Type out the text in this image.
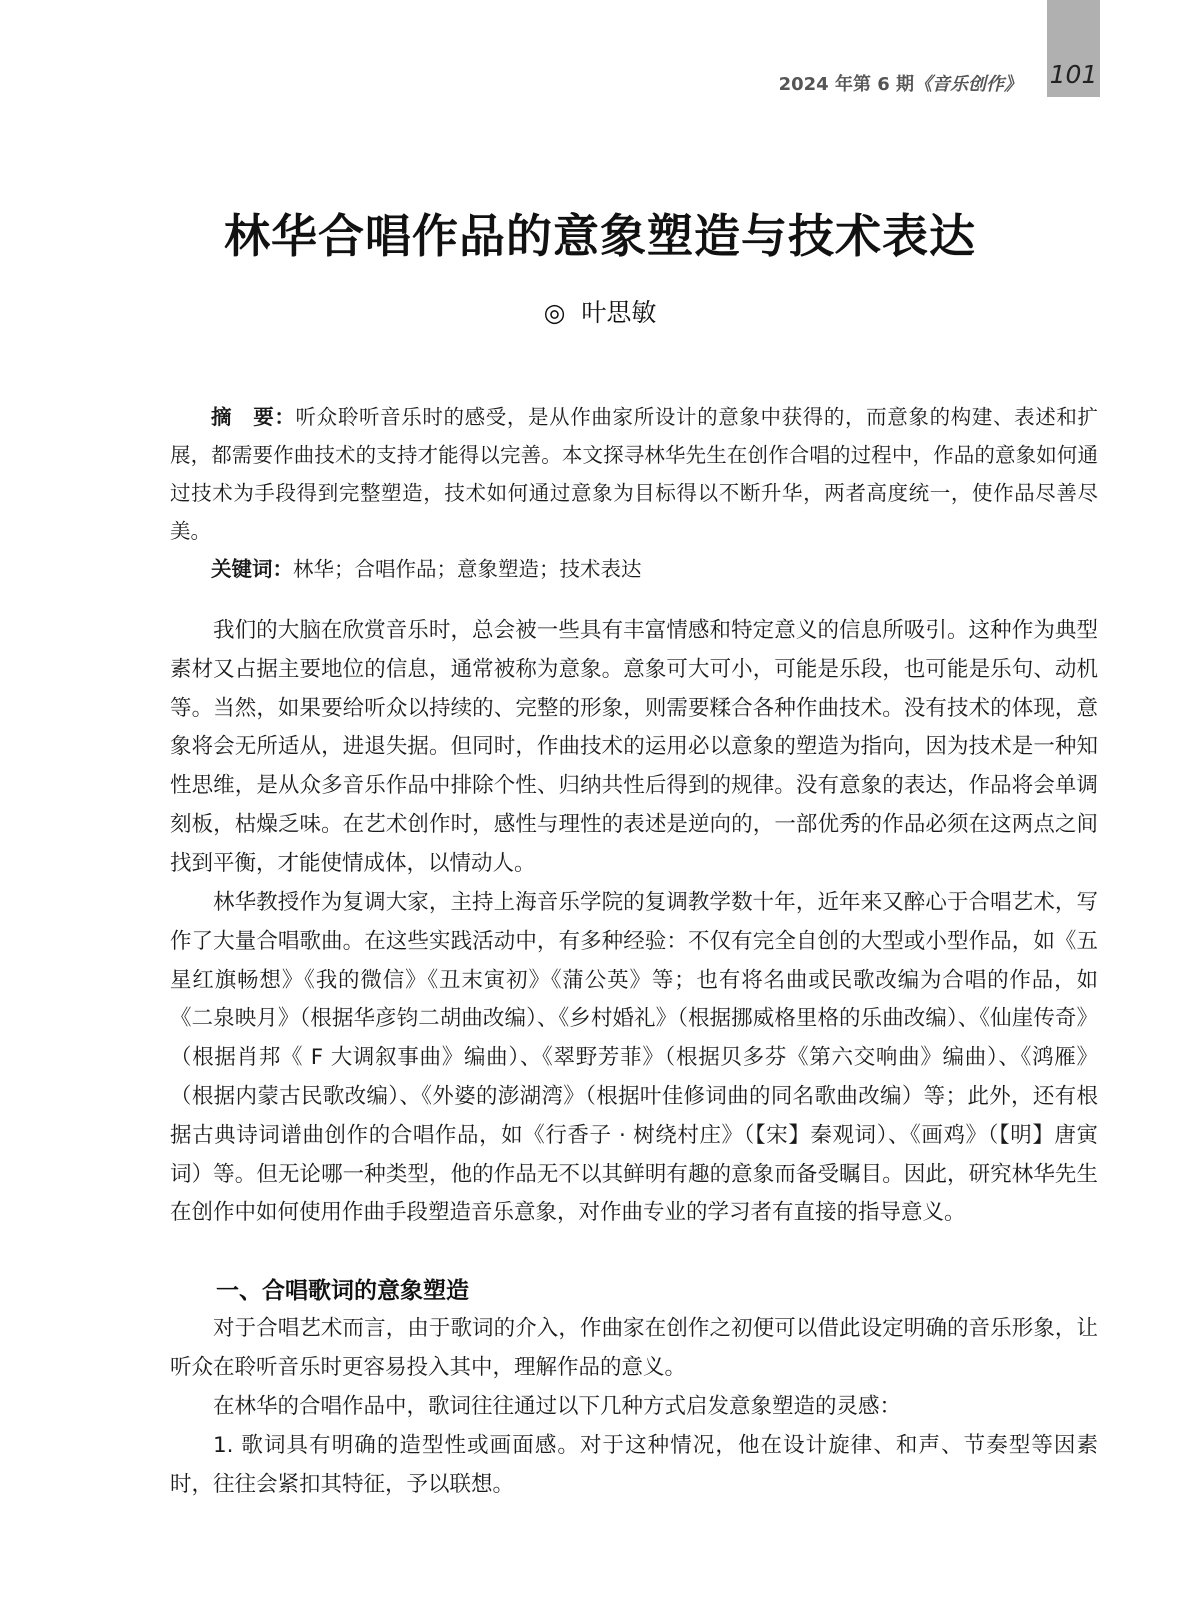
101
2024 年第 6 期《音乐创作》
林华合唱作品的意象塑造与技术表达
◎ 叶思敏

摘　要：听众聆听音乐时的感受，是从作曲家所设计的意象中获得的，而意象的构建、表述和扩展，都需要作曲技术的支持才能得以完善。本文探寻林华先生在创作合唱的过程中，作品的意象如何通过技术为手段得到完整塑造，技术如何通过意象为目标得以不断升华，两者高度统一，使作品尽善尽美。

关键词：林华；合唱作品；意象塑造；技术表达

我们的大脑在欣赏音乐时，总会被一些具有丰富情感和特定意义的信息所吸引。这种作为典型素材又占据主要地位的信息，通常被称为意象。意象可大可小，可能是乐段，也可能是乐句、动机等。当然，如果要给听众以持续的、完整的形象，则需要糅合各种作曲技术。没有技术的体现，意象将会无所适从，进退失据。但同时，作曲技术的运用必以意象的塑造为指向，因为技术是一种知性思维，是从众多音乐作品中排除个性、归纳共性后得到的规律。没有意象的表达，作品将会单调刻板，枯燥乏味。在艺术创作时，感性与理性的表述是逆向的，一部优秀的作品必须在这两点之间找到平衡，才能使情成体，以情动人。

林华教授作为复调大家，主持上海音乐学院的复调教学数十年，近年来又醉心于合唱艺术，写作了大量合唱歌曲。在这些实践活动中，有多种经验：不仅有完全自创的大型或小型作品，如《五星红旗畅想》《我的微信》《丑末寅初》《蒲公英》等；也有将名曲或民歌改编为合唱的作品，如《二泉映月》（根据华彦钧二胡曲改编）、《乡村婚礼》（根据挪威格里格的乐曲改编）、《仙崖传奇》（根据肖邦《 F 大调叙事曲》编曲）、《翠野芳菲》（根据贝多芬《第六交响曲》编曲）、《鸿雁》（根据内蒙古民歌改编）、《外婆的澎湖湾》（根据叶佳修词曲的同名歌曲改编）等；此外，还有根据古典诗词谱曲创作的合唱作品，如《行香子 · 树绕村庄》（【宋】秦观词）、《画鸡》（【明】唐寅词）等。但无论哪一种类型，他的作品无不以其鲜明有趣的意象而备受瞩目。因此，研究林华先生在创作中如何使用作曲手段塑造音乐意象，对作曲专业的学习者有直接的指导意义。

一、合唱歌词的意象塑造

对于合唱艺术而言，由于歌词的介入，作曲家在创作之初便可以借此设定明确的音乐形象，让听众在聆听音乐时更容易投入其中，理解作品的意义。

在林华的合唱作品中，歌词往往通过以下几种方式启发意象塑造的灵感：

1. 歌词具有明确的造型性或画面感。对于这种情况，他在设计旋律、和声、节奏型等因素时，往往会紧扣其特征，予以联想。
